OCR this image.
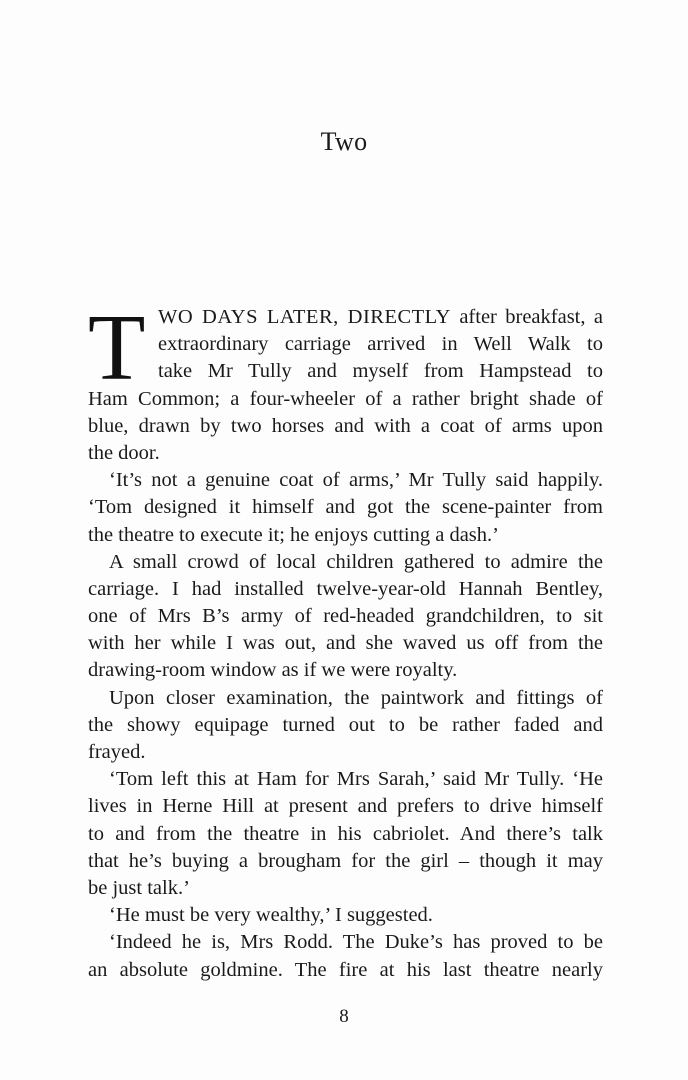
Two
T WO DAYS LATER, DIRECTLY after breakfast, a
extraordinary carriage arrived in Well Walk to
take Mr Tully and myself from Hampstead to
Ham Common; a four-wheeler of a rather bright shade of
blue, drawn by two horses and with a coat of arms upon
the door.
‘It’s not a genuine coat of arms,’ Mr Tully said happily.
‘Tom designed it himself and got the scene-painter from
the theatre to execute it; he enjoys cutting a dash.’
A small crowd of local children gathered to admire the
carriage. I had installed twelve-year-old Hannah Bentley,
one of Mrs B’s army of red-headed grandchildren, to sit
with her while I was out, and she waved us off from the
drawing-room window as if we were royalty.
Upon closer examination, the paintwork and fittings of
the showy equipage turned out to be rather faded and
frayed.
‘Tom left this at Ham for Mrs Sarah,’ said Mr Tully. ‘He
lives in Herne Hill at present and prefers to drive himself
to and from the theatre in his cabriolet. And there’s talk
that he’s buying a brougham for the girl – though it may
be just talk.’
‘He must be very wealthy,’ I suggested.
‘Indeed he is, Mrs Rodd. The Duke’s has proved to be
an absolute goldmine. The fire at his last theatre nearly
8
